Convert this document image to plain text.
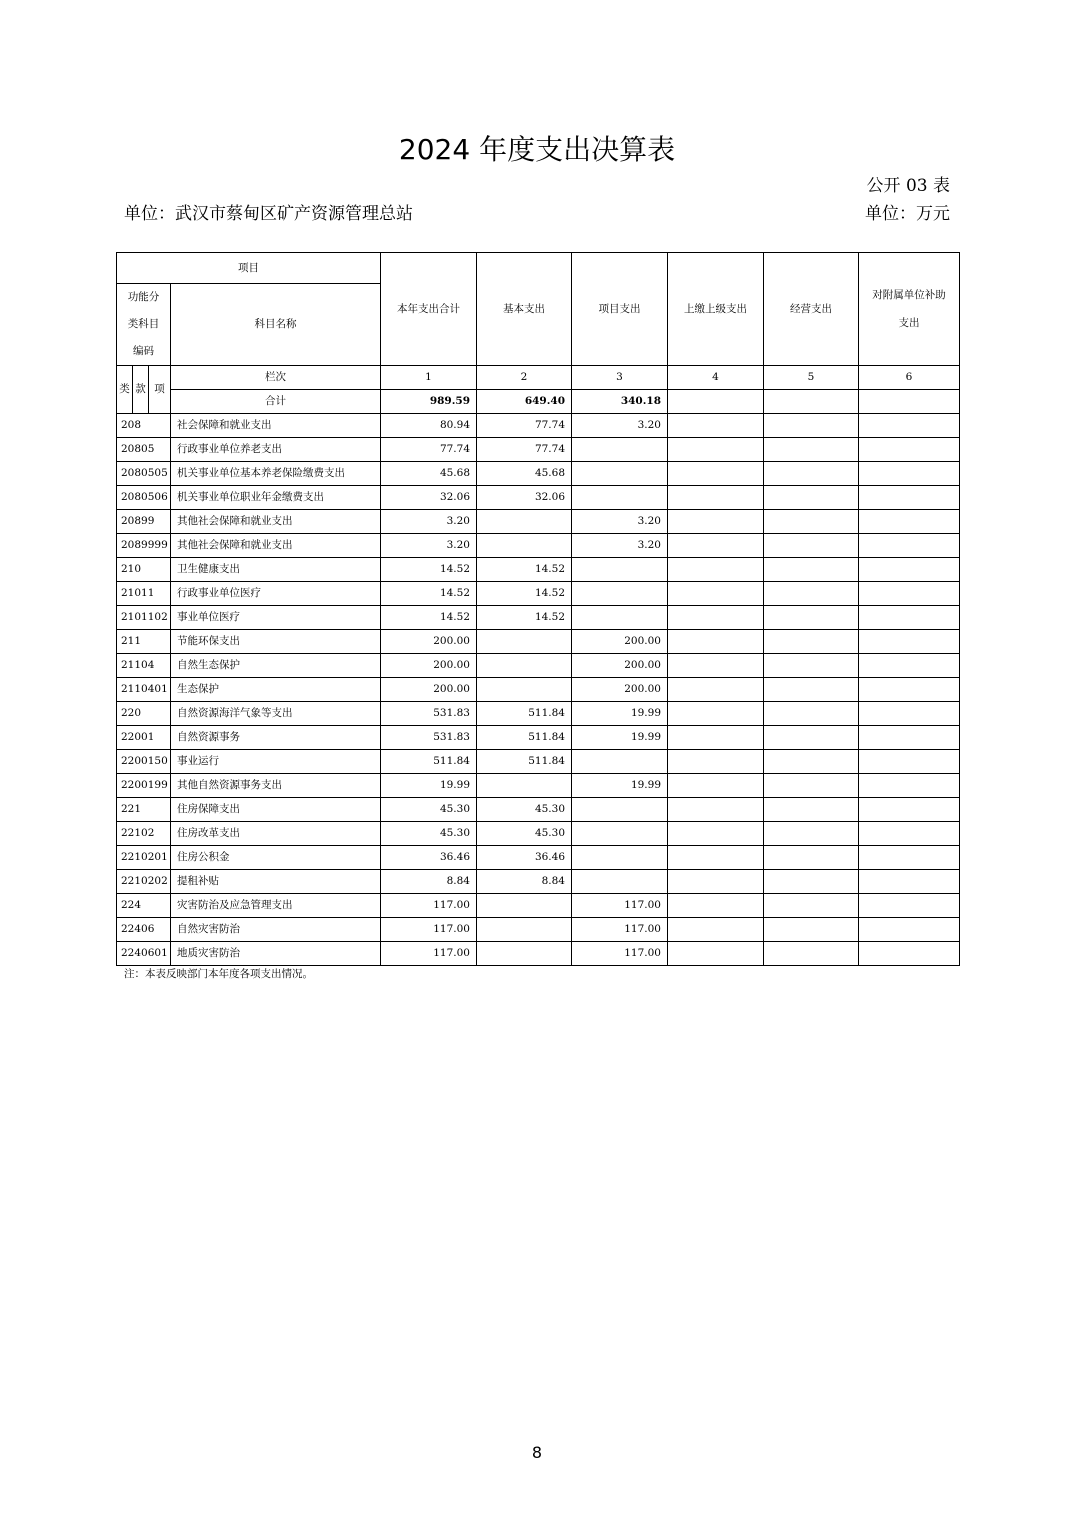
2024 年度支出决算表
公开 03 表
单位：武汉市蔡甸区矿产资源管理总站	单位：万元
项目				本年支出合计	基本支出	项目支出	上缴上级支出	经营支出	对附属单位补助支出
功能分类科目编码			科目名称						
类	款	项	栏次	1	2	3	4	5	6
			合计	989.59	649.40	340.18			
208			社会保障和就业支出	80.94	77.74	3.20			
20805			行政事业单位养老支出	77.74	77.74				
2080505			机关事业单位基本养老保险缴费支出	45.68	45.68				
2080506			机关事业单位职业年金缴费支出	32.06	32.06				
20899			其他社会保障和就业支出	3.20		3.20			
2089999			其他社会保障和就业支出	3.20		3.20			
210			卫生健康支出	14.52	14.52				
21011			行政事业单位医疗	14.52	14.52				
2101102			事业单位医疗	14.52	14.52				
211			节能环保支出	200.00		200.00			
21104			自然生态保护	200.00		200.00			
2110401			生态保护	200.00		200.00			
220			自然资源海洋气象等支出	531.83	511.84	19.99			
22001			自然资源事务	531.83	511.84	19.99			
2200150			事业运行	511.84	511.84				
2200199			其他自然资源事务支出	19.99		19.99			
221			住房保障支出	45.30	45.30				
22102			住房改革支出	45.30	45.30				
2210201			住房公积金	36.46	36.46				
2210202			提租补贴	8.84	8.84				
224			灾害防治及应急管理支出	117.00		117.00			
22406			自然灾害防治	117.00		117.00			
2240601			地质灾害防治	117.00		117.00			
注：本表反映部门本年度各项支出情况。
8
